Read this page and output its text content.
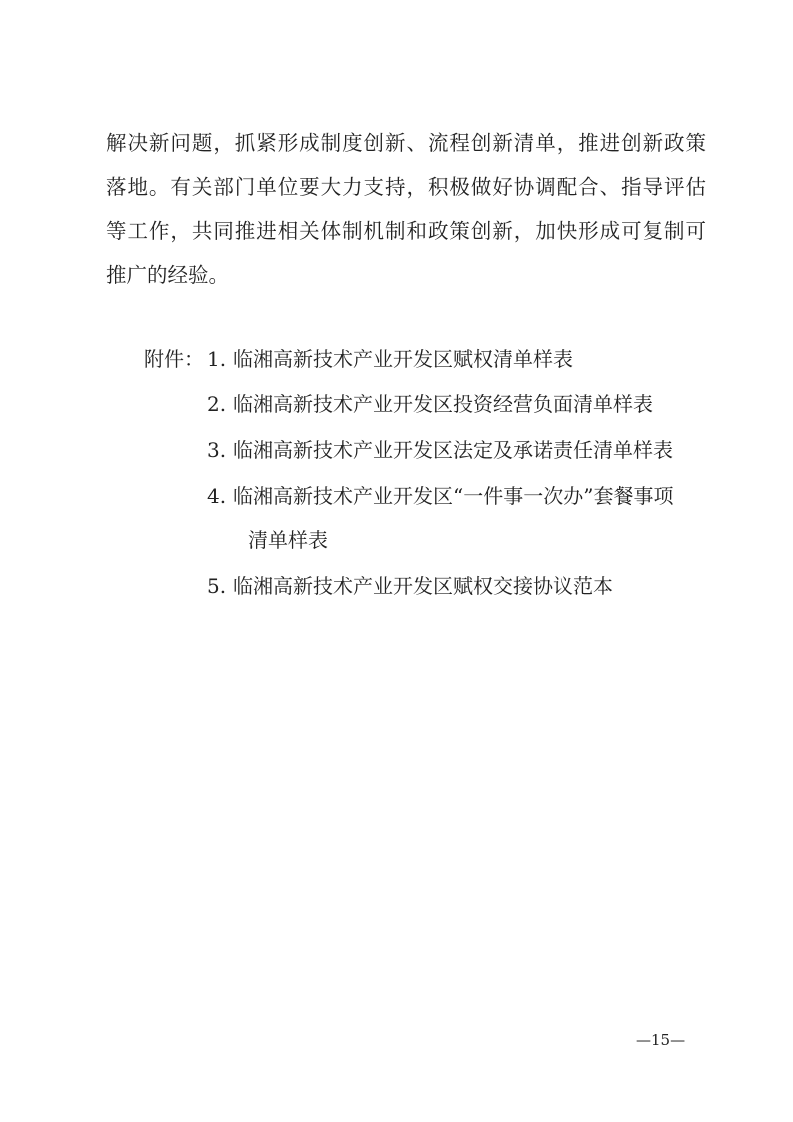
解决新问题，抓紧形成制度创新、流程创新清单，推进创新政策
落地。有关部门单位要大力支持，积极做好协调配合、指导评估
等工作，共同推进相关体制机制和政策创新，加快形成可复制可
推广的经验。
附件： 1. 临湘高新技术产业开发区赋权清单样表
2. 临湘高新技术产业开发区投资经营负面清单样表
3. 临湘高新技术产业开发区法定及承诺责任清单样表
4. 临湘高新技术产业开发区“一件事一次办”套餐事项
清单样表
5. 临湘高新技术产业开发区赋权交接协议范本
—15—
